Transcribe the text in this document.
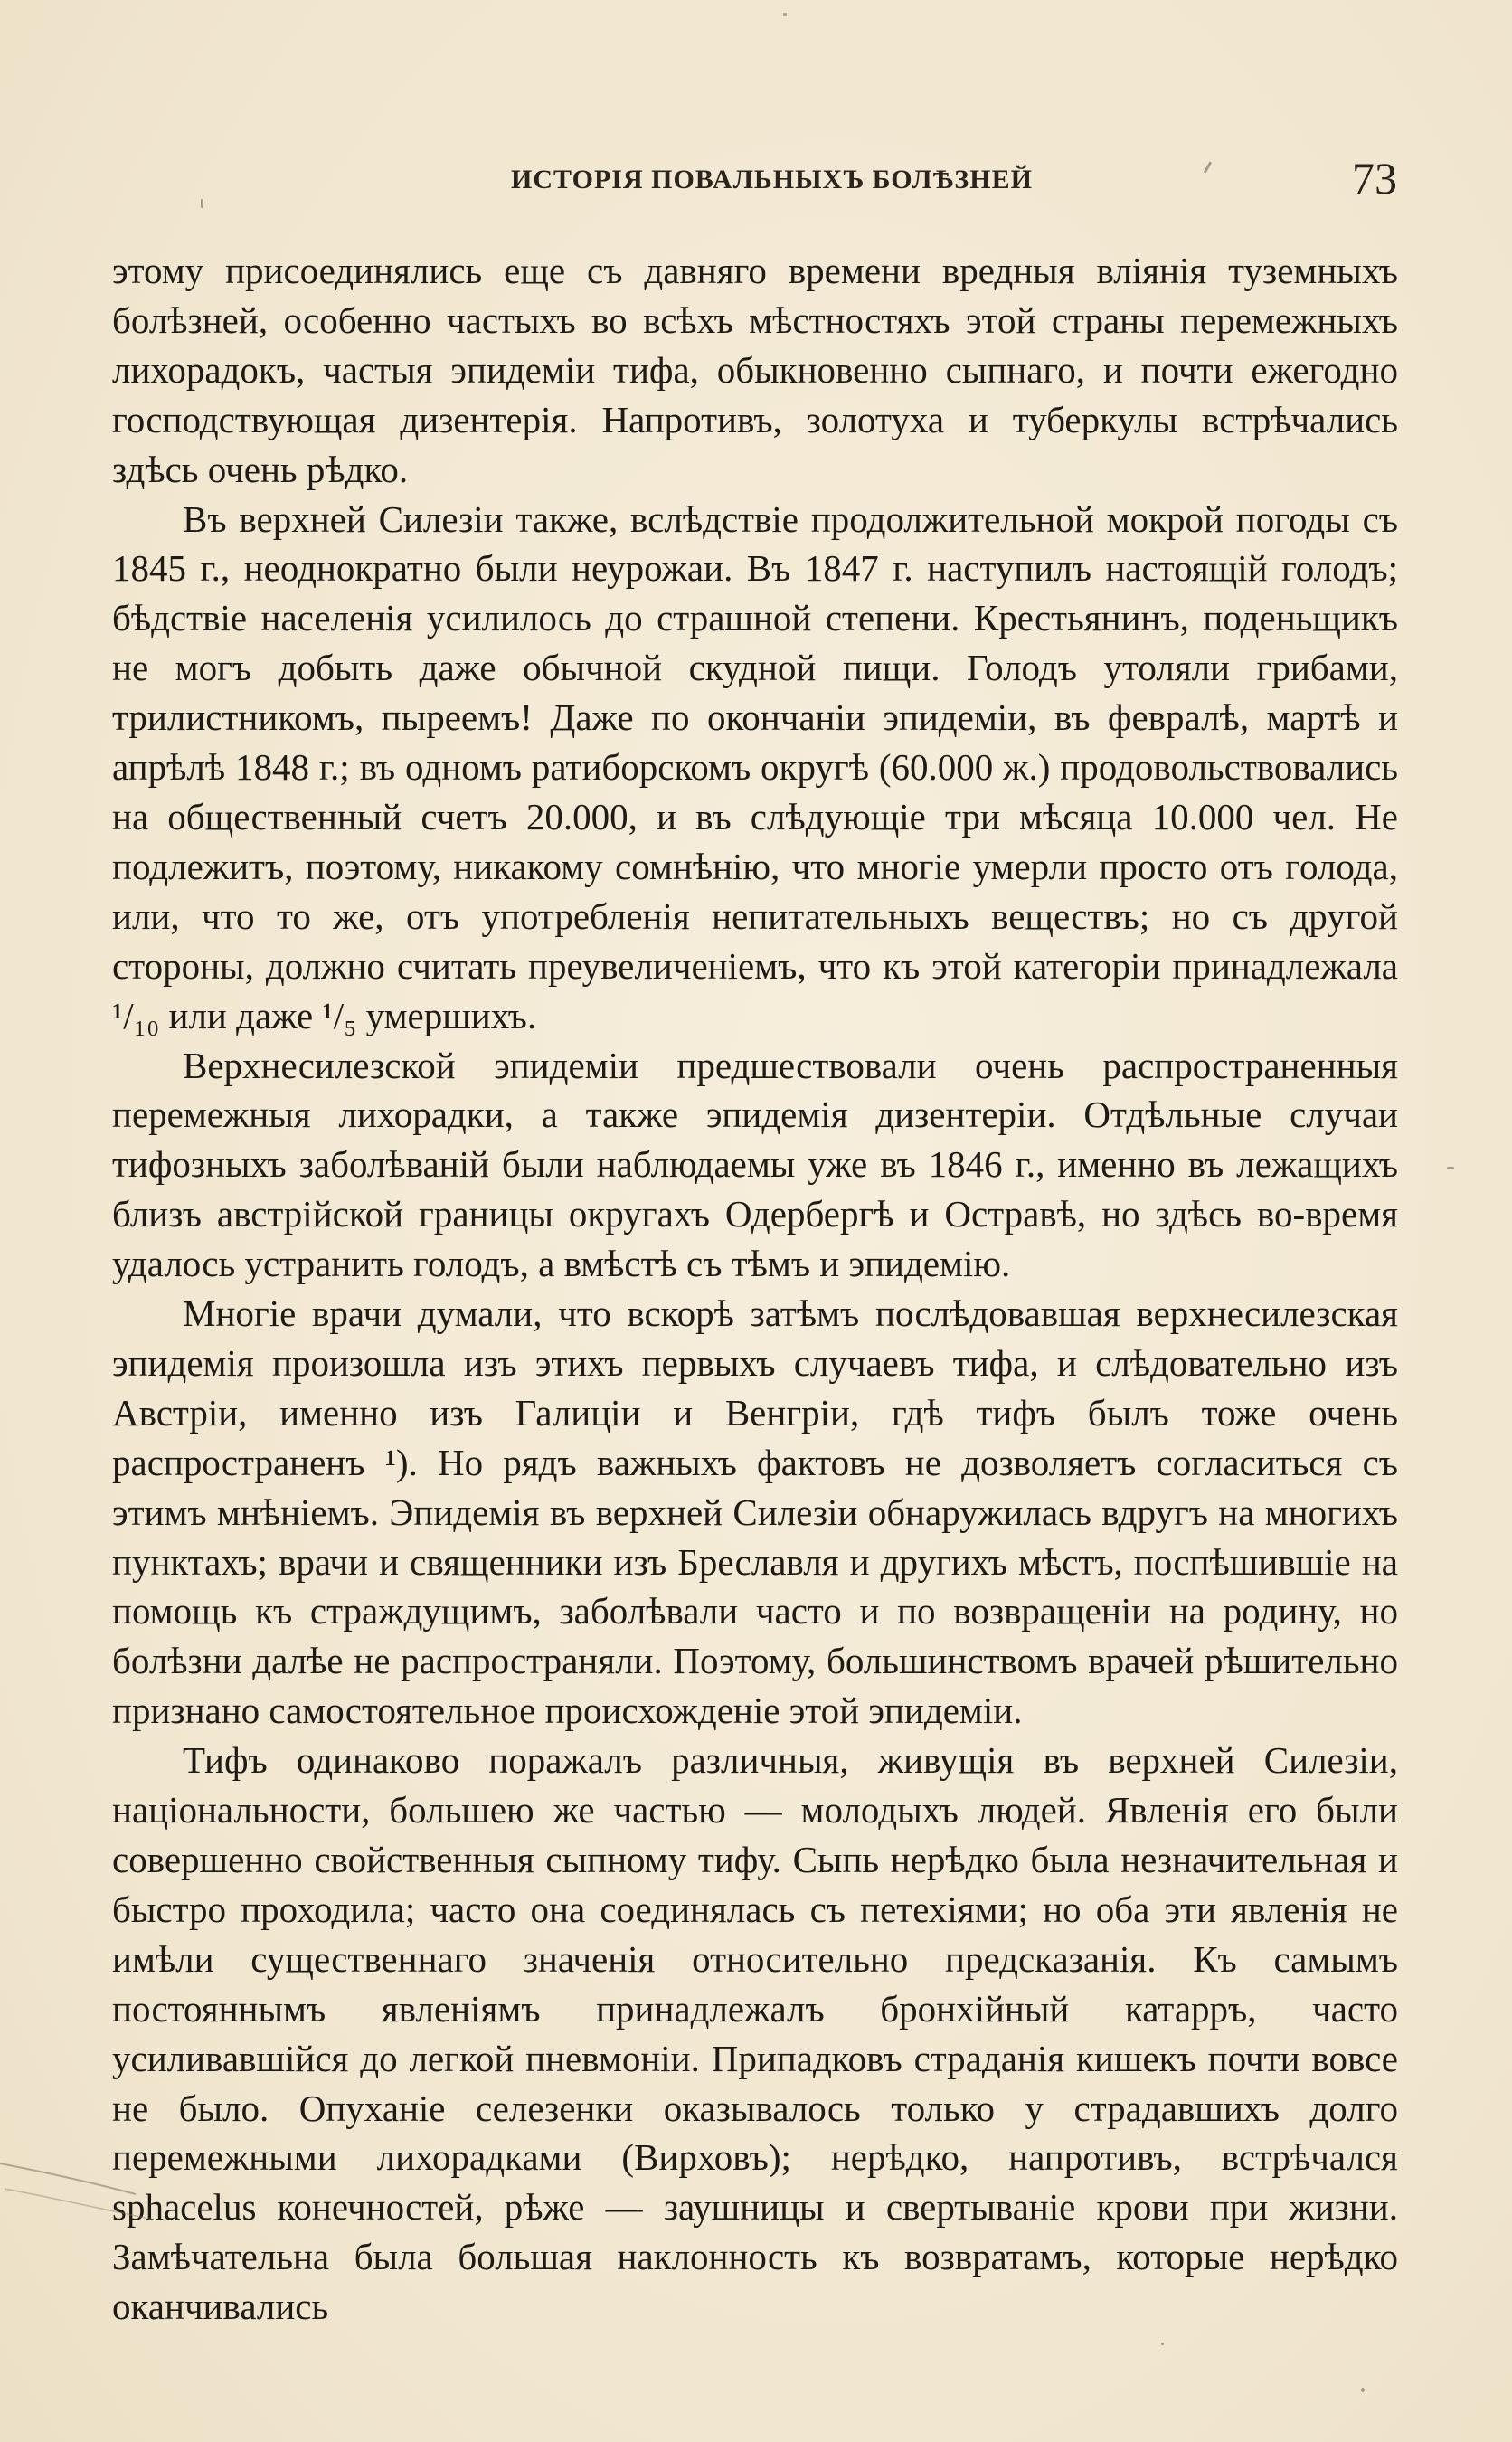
ИСТОРІЯ ПОВАЛЬНЫХЪ БОЛѢЗНЕЙ	73

этому присоединялись еще съ давняго времени вредныя вліянія туземныхъ болѣзней, особенно частыхъ во всѣхъ мѣстностяхъ этой страны перемежныхъ лихорадокъ, частыя эпидеміи тифа, обыкновенно сыпнаго, и почти ежегодно господствующая дизентерія. Напротивъ, золотуха и туберкулы встрѣчались здѣсь очень рѣдко.

Въ верхней Силезіи также, вслѣдствіе продолжительной мокрой погоды съ 1845 г., неоднократно были неурожаи. Въ 1847 г. наступилъ настоящій голодъ; бѣдствіе населенія усилилось до страшной степени. Крестьянинъ, поденьщикъ не могъ добыть даже обычной скудной пищи. Голодъ утоляли грибами, трилистникомъ, пыреемъ! Даже по окончаніи эпидеміи, въ февралѣ, мартѣ и апрѣлѣ 1848 г.; въ одномъ ратиборскомъ округѣ (60.000 ж.) продовольствовались на общественный счетъ 20.000, и въ слѣдующіе три мѣсяца 10.000 чел. Не подлежитъ, поэтому, никакому сомнѣнію, что многіе умерли просто отъ голода, или, что то же, отъ употребленія непитательныхъ веществъ; но съ другой стороны, должно считать преувеличеніемъ, что къ этой категоріи принадлежала ¹/₁₀ или даже ¹/₅ умершихъ.

Верхнесилезской эпидеміи предшествовали очень распространенныя перемежныя лихорадки, а также эпидемія дизентеріи. Отдѣльные случаи тифозныхъ заболѣваній были наблюдаемы уже въ 1846 г., именно въ лежащихъ близъ австрійской границы округахъ Одербергѣ и Остравѣ, но здѣсь во-время удалось устранить голодъ, а вмѣстѣ съ тѣмъ и эпидемію.

Многіе врачи думали, что вскорѣ затѣмъ послѣдовавшая верхнесилезская эпидемія произошла изъ этихъ первыхъ случаевъ тифа, и слѣдовательно изъ Австріи, именно изъ Галиціи и Венгріи, гдѣ тифъ былъ тоже очень распространенъ ¹). Но рядъ важныхъ фактовъ не дозволяетъ согласиться съ этимъ мнѣніемъ. Эпидемія въ верхней Силезіи обнаружилась вдругъ на многихъ пунктахъ; врачи и священники изъ Бреславля и другихъ мѣстъ, поспѣшившіе на помощь къ страждущимъ, заболѣвали часто и по возвращеніи на родину, но болѣзни далѣе не распространяли. Поэтому, большинствомъ врачей рѣшительно признано самостоятельное происхожденіе этой эпидеміи.

Тифъ одинаково поражалъ различныя, живущія въ верхней Силезіи, національности, большею же частью — молодыхъ людей. Явленія его были совершенно свойственныя сыпному тифу. Сыпь нерѣдко была незначительная и быстро проходила; часто она соединялась съ петехіями; но оба эти явленія не имѣли существеннаго значенія относительно предсказанія. Къ самымъ постояннымъ явленіямъ принадлежалъ бронхійный катарръ, часто усиливавшійся до легкой пневмоніи. Припадковъ страданія кишекъ почти вовсе не было. Опуханіе селезенки оказывалось только у страдавшихъ долго перемежными лихорадками (Вирховъ); нерѣдко, напротивъ, встрѣчался sphacelus конечностей, рѣже — заушницы и свертываніе крови при жизни. Замѣчательна была большая наклонность къ возвратамъ, которые нерѣдко оканчивались
